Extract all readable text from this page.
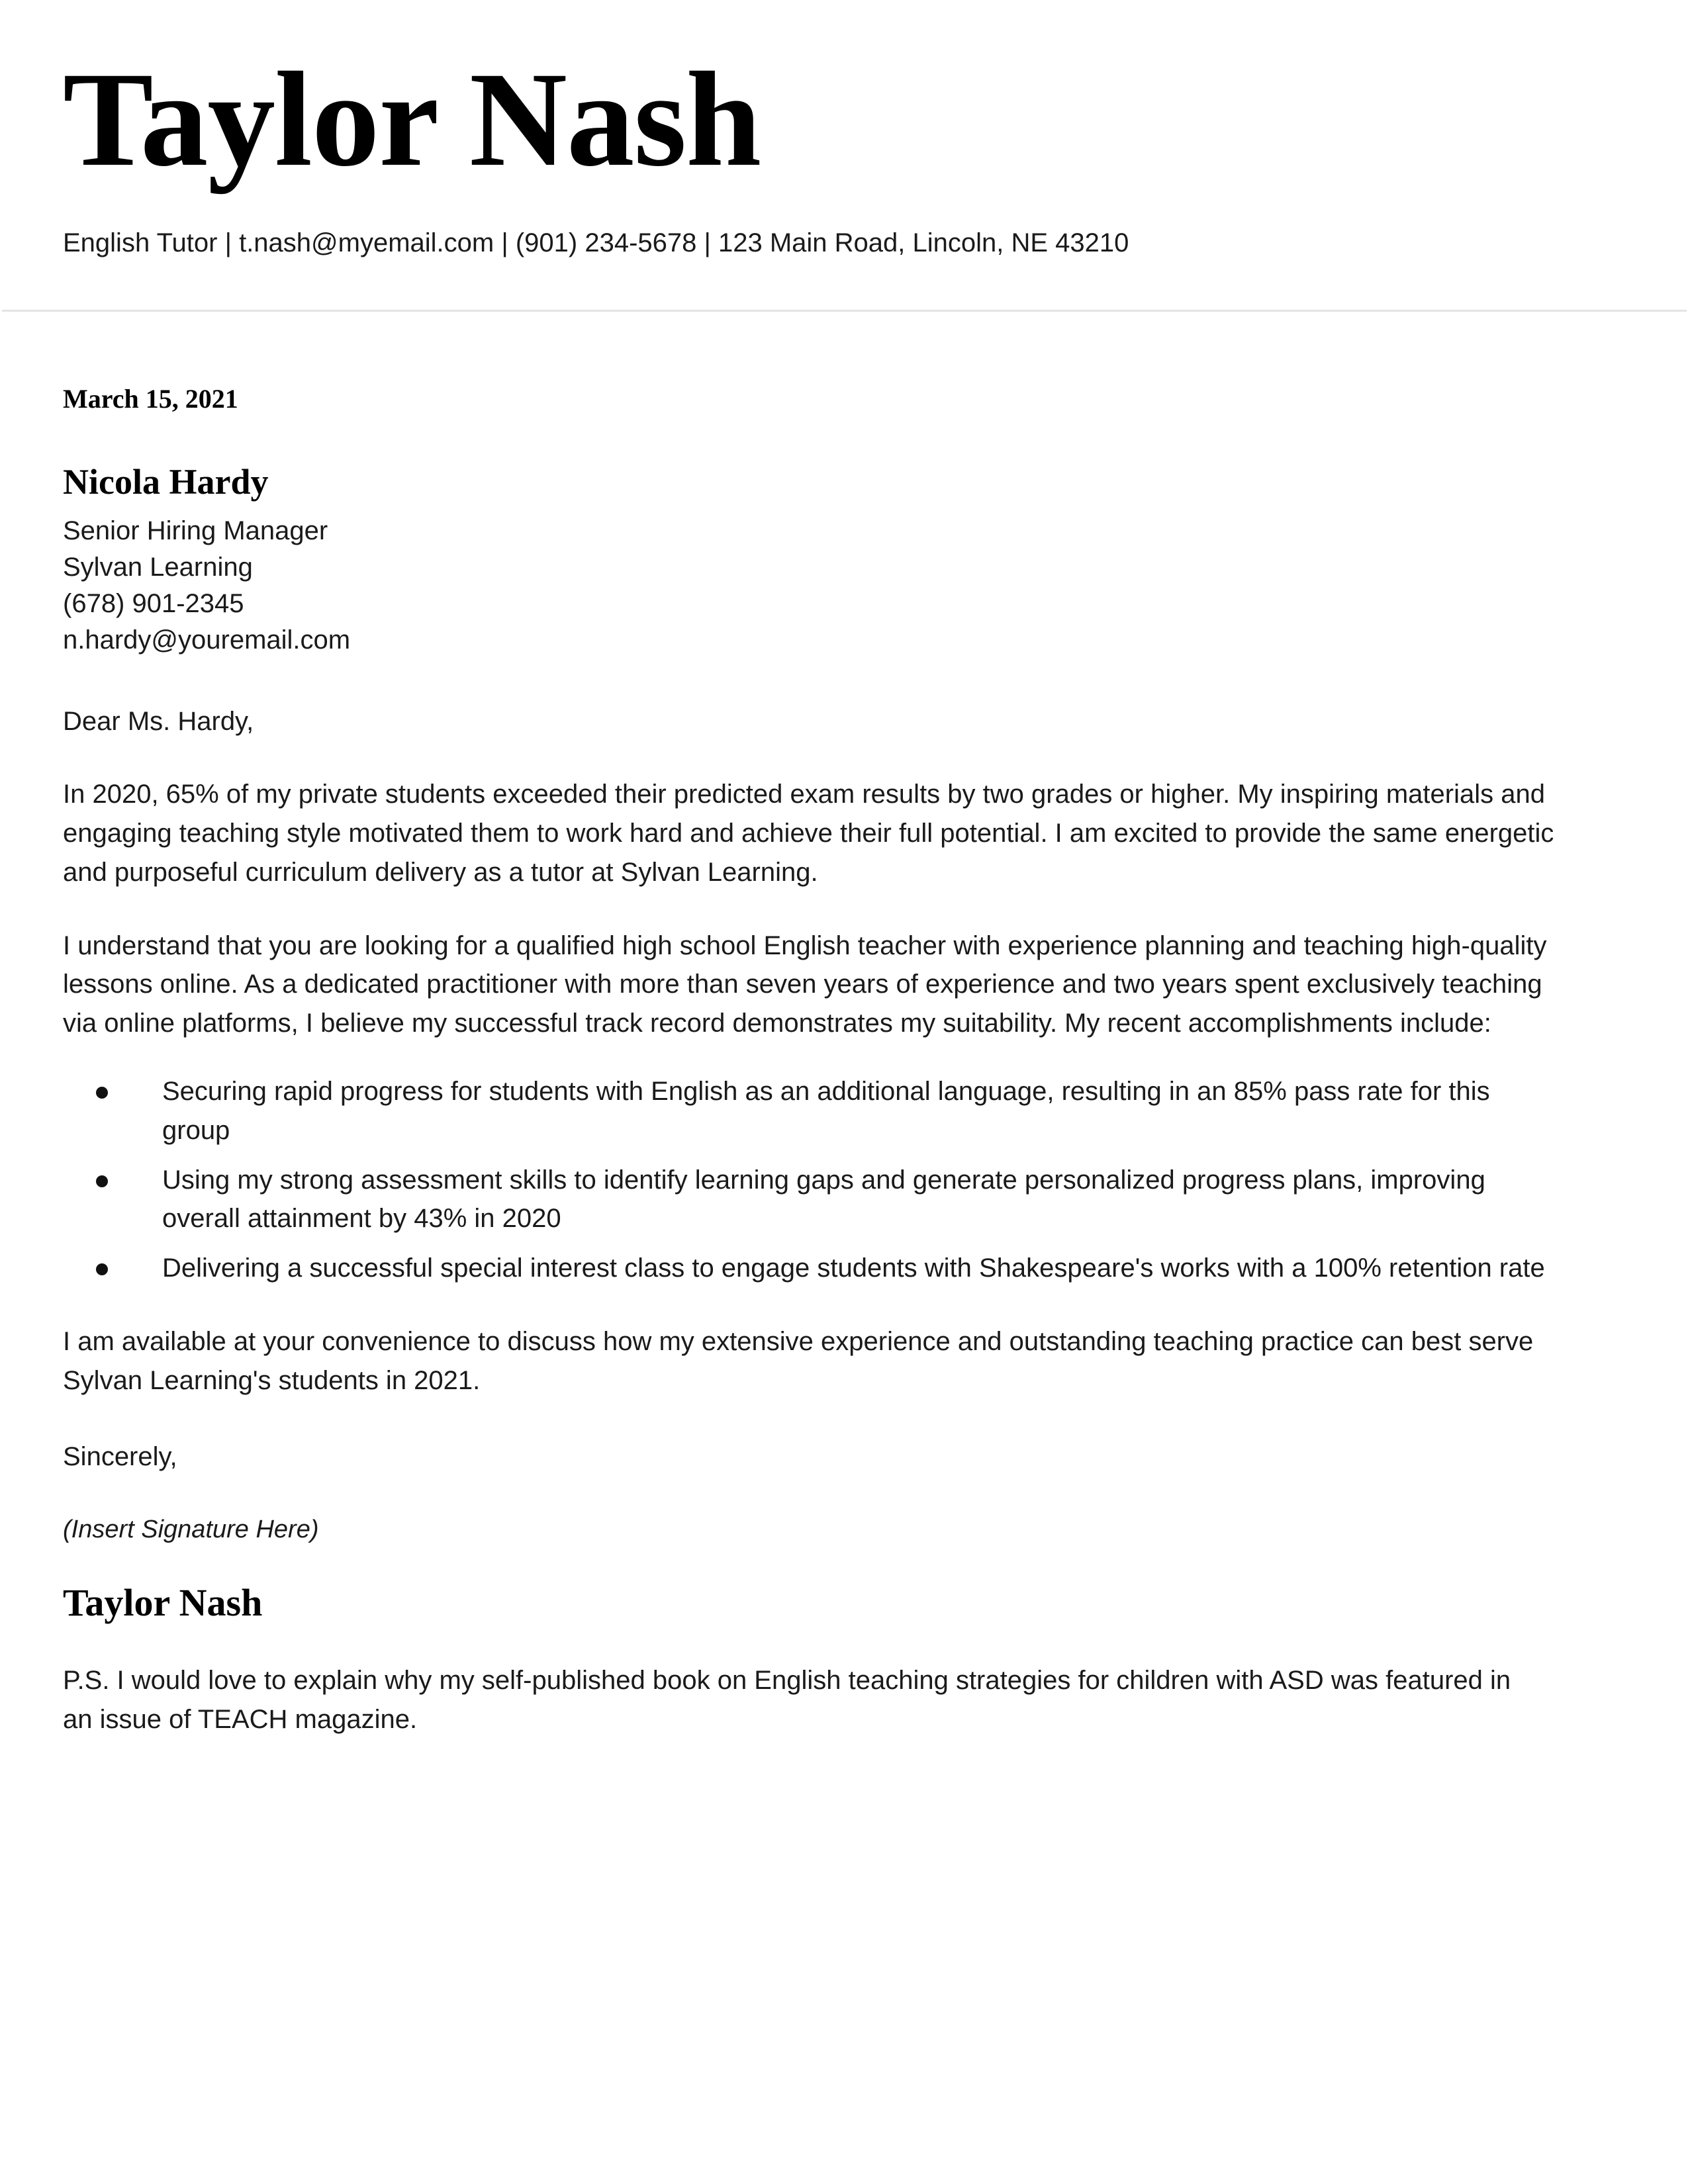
Taylor Nash

English Tutor | t.nash@myemail.com | (901) 234-5678 | 123 Main Road, Lincoln, NE 43210

March 15, 2021

Nicola Hardy

Senior Hiring Manager

Sylvan Learning

(678) 901-2345

n.hardy@youremail.com

Dear Ms. Hardy,

In 2020, 65% of my private students exceeded their predicted exam results by two grades or higher. My inspiring materials and engaging teaching style motivated them to work hard and achieve their full potential. I am excited to provide the same energetic and purposeful curriculum delivery as a tutor at Sylvan Learning.

I understand that you are looking for a qualified high school English teacher with experience planning and teaching high-quality lessons online. As a dedicated practitioner with more than seven years of experience and two years spent exclusively teaching via online platforms, I believe my successful track record demonstrates my suitability. My recent accomplishments include:

Securing rapid progress for students with English as an additional language, resulting in an 85% pass rate for this group
Using my strong assessment skills to identify learning gaps and generate personalized progress plans, improving overall attainment by 43% in 2020
Delivering a successful special interest class to engage students with Shakespeare's works with a 100% retention rate

I am available at your convenience to discuss how my extensive experience and outstanding teaching practice can best serve Sylvan Learning's students in 2021.

Sincerely,

(Insert Signature Here)

Taylor Nash

P.S. I would love to explain why my self-published book on English teaching strategies for children with ASD was featured in an issue of TEACH magazine.
